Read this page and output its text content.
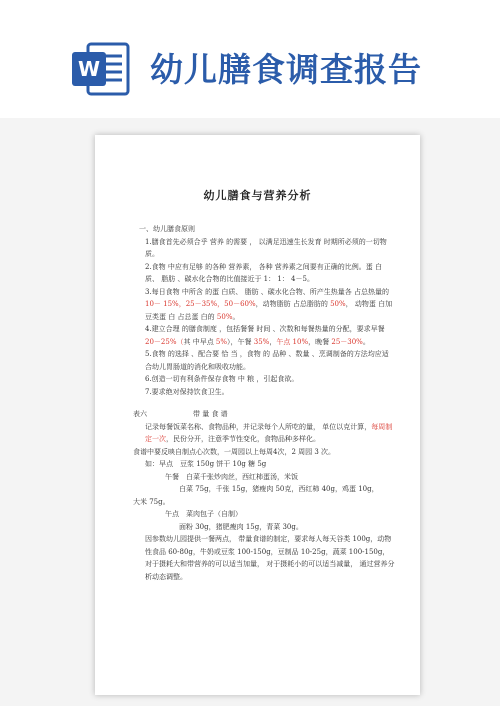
W 幼儿膳食调查报告
幼儿膳食与营养分析

一、幼儿膳食原则

1.膳食首先必须合乎 营养 的需要 ， 以满足迅速生长发育 时期所必须的一切物质。

2.食物 中应有足够 的各种 营养素， 各种 营养素之间要有正确的比例。蛋 白质、 脂肪 、碳水化合物的比值接近于 1： 1： 4－5。

3.每日食物 中所含 的蛋 白质、 脂肪 、碳水化合物、所产生热量各 占总热量的 10－ 15%，25－35%，50－60%，动物脂肪 占总脂肪的 50%， 动物蛋 白加 豆类蛋 白 占总蛋 白的 50%。

4.建立合理 的膳食制度 ，包括餐餐 时间 、次数和每餐热量的分配，要求早餐 20－25%（其 中早点 5%），午餐 35%，午点 10%，晚餐 25－30%。

5.食物 的选择 、配合要 恰 当 ，食物 的 品种 、数量 、烹调制备的方法均应适合幼儿胃肠道的消化和吸收功能。

6.创造一切有利条件保存食物 中 粮 ，引起食欲。

7.要求绝对保持饮食卫生。

表六	带 量 食 谱

记录每餐饭菜名称、食物品种，并记录每个人所吃的量， 单位以克计算，每周制定一次，民份分开，注意季节性变化，食物品种多样化。

食谱中要反映自制点心次数，一周园以上每周4次，2 周园 3 次。

如：早点　豆浆 150g 饼干 10g 糖 5g

午餐　白菜千张炒肉丝，西红柿蛋汤，米饭

白菜 75g，千张 15g，猪瘦肉 50克，西红柿 40g，鸡蛋 10g，

大米 75g。

午点　菜肉包子（自制）

面粉 30g，猪肥瘦肉 15g，青菜 30g。

因参数幼儿园提供一餐两点， 带量食谱的制定，要求每人每天谷类 100g，动物性食品 60-80g，牛奶或豆浆 100-150g，豆制品 10-25g，蔬菜 100-150g，对于摄耗大和带营养的可以适当加量， 对于摄耗小的可以适当减量， 通过营养分析动态调整。
